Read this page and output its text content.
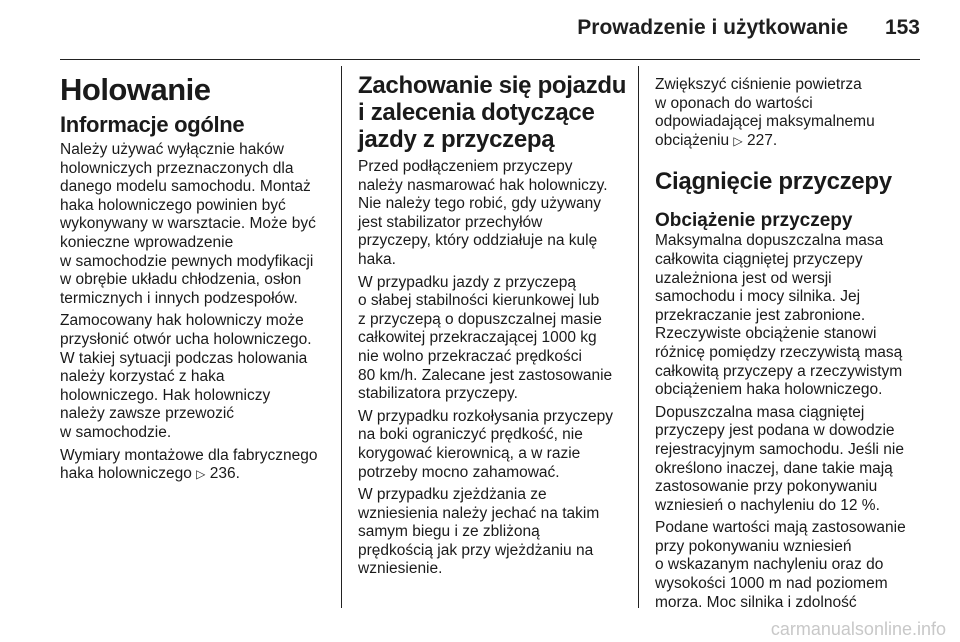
Prowadzenie i użytkowanie 153
Holowanie
Informacje ogólne

Należy używać wyłącznie haków
holowniczych przeznaczonych dla
danego modelu samochodu. Montaż
haka holowniczego powinien być
wykonywany w warsztacie. Może być
konieczne wprowadzenie
w samochodzie pewnych modyfikacji
w obrębie układu chłodzenia, osłon
termicznych i innych podzespołów.

Zamocowany hak holowniczy może
przysłonić otwór ucha holowniczego.
W takiej sytuacji podczas holowania
należy korzystać z haka
holowniczego. Hak holowniczy
należy zawsze przewozić
w samochodzie.

Wymiary montażowe dla fabrycznego
haka holowniczego ▷ 236.

Zachowanie się pojazdu
i zalecenia dotyczące
jazdy z przyczepą

Przed podłączeniem przyczepy
należy nasmarować hak holowniczy.
Nie należy tego robić, gdy używany
jest stabilizator przechyłów
przyczepy, który oddziałuje na kulę
haka.

W przypadku jazdy z przyczepą
o słabej stabilności kierunkowej lub
z przyczepą o dopuszczalnej masie
całkowitej przekraczającej 1000 kg
nie wolno przekraczać prędkości
80 km/h. Zalecane jest zastosowanie
stabilizatora przyczepy.

W przypadku rozkołysania przyczepy
na boki ograniczyć prędkość, nie
korygować kierownicą, a w razie
potrzeby mocno zahamować.

W przypadku zjeżdżania ze
wzniesienia należy jechać na takim
samym biegu i ze zbliżoną
prędkością jak przy wjeżdżaniu na
wzniesienie.

Zwiększyć ciśnienie powietrza
w oponach do wartości
odpowiadającej maksymalnemu
obciążeniu ▷ 227.

Ciągnięcie przyczepy
Obciążenie przyczepy

Maksymalna dopuszczalna masa
całkowita ciągniętej przyczepy
uzależniona jest od wersji
samochodu i mocy silnika. Jej
przekraczanie jest zabronione.
Rzeczywiste obciążenie stanowi
różnicę pomiędzy rzeczywistą masą
całkowitą przyczepy a rzeczywistym
obciążeniem haka holowniczego.

Dopuszczalna masa ciągniętej
przyczepy jest podana w dowodzie
rejestracyjnym samochodu. Jeśli nie
określono inaczej, dane takie mają
zastosowanie przy pokonywaniu
wzniesień o nachyleniu do 12 %.

Podane wartości mają zastosowanie
przy pokonywaniu wzniesień
o wskazanym nachyleniu oraz do
wysokości 1000 m nad poziomem
morza. Moc silnika i zdolność

carmanualsonline.info
